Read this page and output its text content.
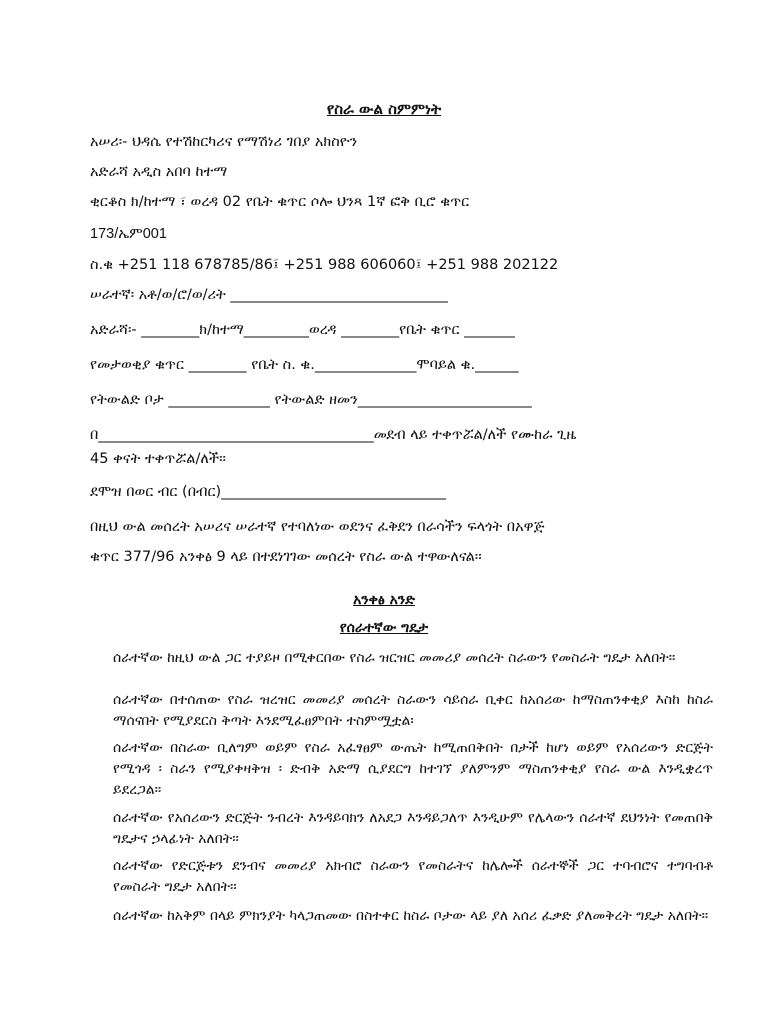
የስራ ውል ስምምነት
አሠሪ፡- ህዳሴ የተሽከርካሪና የማሽነሪ ገበያ አክስዮን
አድራሻ አዲስ አበባ ከተማ
ቂርቆስ ክ/ከተማ ፣ ወረዳ 02 የቤት ቁጥር ሶሎ ህንጻ 1ኛ ፎቅ ቢሮ ቁጥር
173/ኤም001
ስ.ቁ +251 118 678785/86፤ +251 988 606060፤ +251 988 202122
ሠራተኛ፡ አቶ/ወ/ሮ/ወ/ሪት ______________________________
አድራሻ፡- ________ክ/ከተማ_________ወረዳ ________የቤት ቁጥር _______
የመታወቂያ ቁጥር ________ የቤት ስ. ቁ.______________ሞባይል ቁ.______
የትውልድ ቦታ ______________ የትውልድ ዘመን________________________
በ______________________________________መደብ ላይ ተቀጥሯል/ለች የሙከራ ጊዜ
45 ቀናት ተቀጥሯል/ለች፡፡
ደሞዝ በወር ብር (በብር)_______________________________
በዚህ ውል መሰረት አሠሪና ሠራተኛ የተባለነው ወደንና ፈቅደን በራሳችን ፍላጎት በአዋጅ
ቁጥር 377/96 አንቀፅ 9 ላይ በተደነገገው መሰረት የስራ ውል ተዋውለናል፡፡
አንቀፅ አንድ
የሰራተኛው ግዴታ
ሰራተኛው ከዚህ ውል ጋር ተያይዞ በሚቀርበው የስራ ዝርዝር መመሪያ መሰረት ስራውን የመስራት ግዴታ አለበት፡፡
ሰራተኛው በተሰጠው የስራ ዝረዝር መመሪያ መሰረት ስራውን ሳይሰራ ቢቀር ከአሰሪው ከማስጠንቀቂያ እስከ ከስራ ማሰናበት የሚያደርስ ቅጣት እንደሚፈፀምበት ተስምሟቷል፡
ሰራተኛው በስራው ቢለግም ወይም የስራ አፈፃፀም ውጤት ከሚጠበቅበት በታች ከሆነ ወይም የአሰሪውን ድርጅት የሚጎዳ ፡ ስራን የሚያቀዛቅዝ ፡ ድብቅ አድማ ሲያደርግ ከተገኘ ያለምንም ማስጠንቀቂያ የስራ ውል እንዲቋረጥ ይደረጋል፡፡
ሰራተኛው የአሰሪውን ድርጅት ንብረት እንዳይባክን ለአደጋ እንዳይጋለጥ እንዲሁም የሌላውን ሰራተኛ ደህንነት የመጠበቅ ግዴታና ኃላፊነት አለበት፡፡
ሰራተኛው የድርጅቱን ደንብና መመሪያ አክብሮ ስራውን የመስራትና ከሌሎች ሰራተኞች ጋር ተባብሮና ተግባብቶ የመስራት ግዴታ አለበት፡፡
ሰራተኛው ከአቅም በላይ ምክንያት ካላጋጠመው በስተቀር ከስራ ቦታው ላይ ያለ አሰሪ ፈቃድ ያለመቅረት ግዴታ አለበት፡፡
